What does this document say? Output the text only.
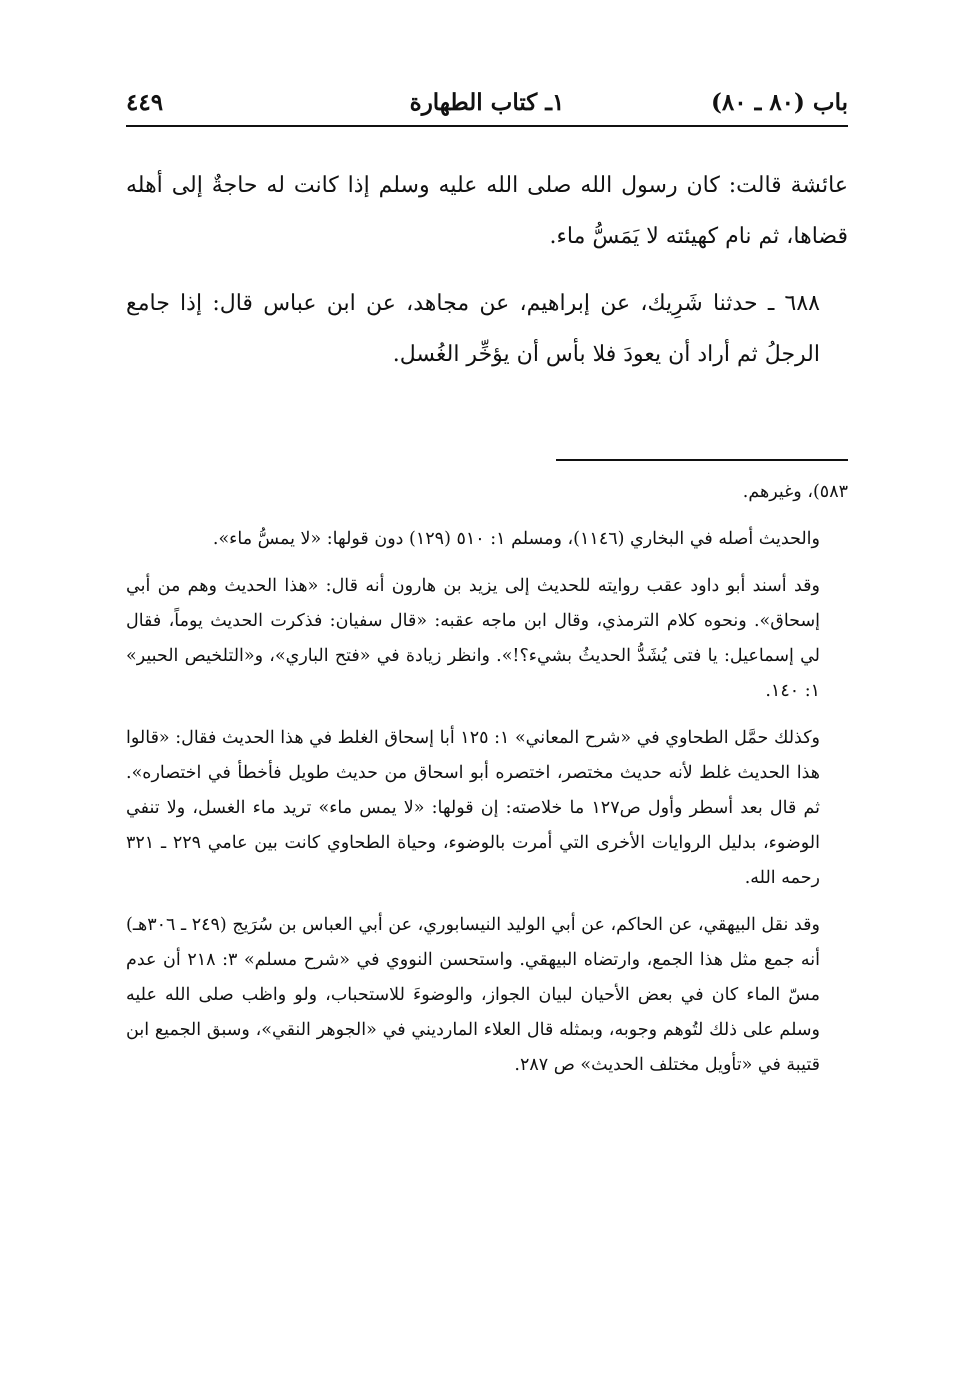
باب (٨٠ ـ ٨٠)
١ـ كتاب الطهارة
٤٤٩

عائشة قالت: كان رسول الله صلى الله عليه وسلم إذا كانت له حاجةٌ إلى أهله قضاها، ثم نام كهيئته لا يَمَسُّ ماء.

٦٨٨ ـ حدثنا شَرِيك، عن إبراهيم، عن مجاهد، عن ابن عباس قال: إذا جامع الرجلُ ثم أراد أن يعودَ فلا بأس أن يؤخِّر الغُسل.

٥٨٣)، وغيرهم.

والحديث أصله في البخاري (١١٤٦)، ومسلم ١: ٥١٠ (١٢٩) دون قولها: «لا يمسُّ ماء».

وقد أسند أبو داود عقب روايته للحديث إلى يزيد بن هارون أنه قال: «هذا الحديث وهم من أبي إسحاق». ونحوه كلام الترمذي، وقال ابن ماجه عقبه: «قال سفيان: فذكرت الحديث يوماً، فقال لي إسماعيل: يا فتى يُشَدُّ الحديثُ بشيء؟!». وانظر زيادة في «فتح الباري»، و«التلخيص الحبير» ١: ١٤٠.

وكذلك حمَّل الطحاوي في «شرح المعاني» ١: ١٢٥ أبا إسحاق الغلط في هذا الحديث فقال: «قالوا هذا الحديث غلط لأنه حديث مختصر، اختصره أبو اسحاق من حديث طويل فأخطأ في اختصاره». ثم قال بعد أسطر وأول ص١٢٧ ما خلاصته: إن قولها: «لا يمس ماء» تريد ماء الغسل، ولا تنفي الوضوء، بدليل الروايات الأخرى التي أمرت بالوضوء، وحياة الطحاوي كانت بين عامي ٢٢٩ ـ ٣٢١ رحمه الله.

وقد نقل البيهقي، عن الحاكم، عن أبي الوليد النيسابوري، عن أبي العباس بن سُرَيج (٢٤٩ ـ ٣٠٦هـ) أنه جمع مثل هذا الجمع، وارتضاه البيهقي. واستحسن النووي في «شرح مسلم» ٣: ٢١٨ أن عدم مسّ الماء كان في بعض الأحيان لبيان الجواز، والوضوءَ للاستحباب، ولو واظب صلى الله عليه وسلم على ذلك لتُوهم وجوبه، وبمثله قال العلاء المارديني في «الجوهر النقي»، وسبق الجميع ابن قتيبة في «تأويل مختلف الحديث» ص ٢٨٧.
